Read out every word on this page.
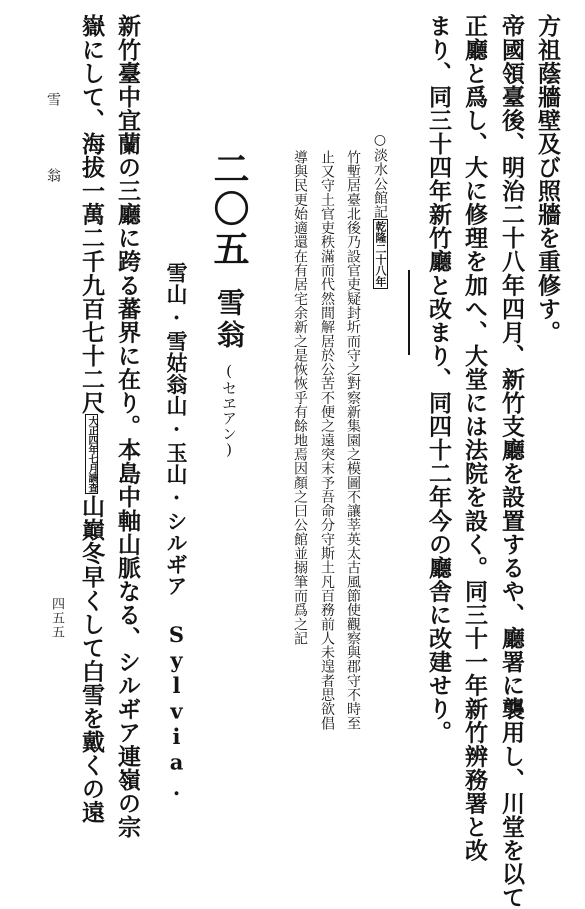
方祖蔭牆壁及び照牆を重修す。
帝國領臺後、明治二十八年四月、新竹支廳を設置するや、廳署に襲用し、川堂を以て
正廳と爲し、大に修理を加へ、大堂には法院を設く。同三十一年新竹辨務署と改
まり、同三十四年新竹廳と改まり、同四十二年今の廳舎に改建せり。
○淡水公館記乾隆二十八年
竹塹居臺北後乃設官吏疑封圻而守之對察新集園之模圖不讓莘英太古風節使觀察與郡守不時至
止又守土官吏秩滿而代然間解居於公苦不便之遠突末予吾命分守斯土凡百務前人未遑者思欲倡
導與民更始適還在有居宅余新之是恢恢乎有餘地焉因顏之曰公館並搦筆而爲之記
二〇五雪翁(セヱアン)
雪山·雪姑翁山·玉山·シルヸア Sylvia.
新竹臺中宜蘭の三廳に跨る蕃界に在り。本島中軸山脈なる、シルヸア連嶺の宗
嶽にして、海拔一萬二千九百七十二尺大正四年七月調査山巔冬早くして白雪を戴くの遠
雪翁
四五五
